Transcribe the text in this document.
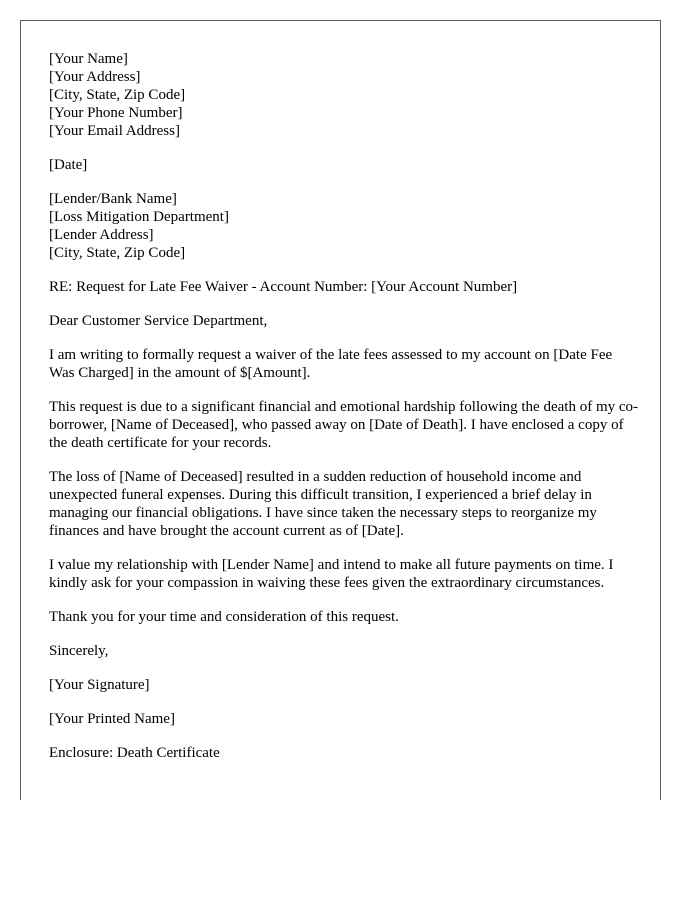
[Your Name]
[Your Address]
[City, State, Zip Code]
[Your Phone Number]
[Your Email Address]
[Date]
[Lender/Bank Name]
[Loss Mitigation Department]
[Lender Address]
[City, State, Zip Code]

RE: Request for Late Fee Waiver - Account Number: [Your Account Number]

Dear Customer Service Department,

I am writing to formally request a waiver of the late fees assessed to my account on [Date Fee Was Charged] in the amount of $[Amount].

This request is due to a significant financial and emotional hardship following the death of my co-borrower, [Name of Deceased], who passed away on [Date of Death]. I have enclosed a copy of the death certificate for your records.

The loss of [Name of Deceased] resulted in a sudden reduction of household income and unexpected funeral expenses. During this difficult transition, I experienced a brief delay in managing our financial obligations. I have since taken the necessary steps to reorganize my finances and have brought the account current as of [Date].

I value my relationship with [Lender Name] and intend to make all future payments on time. I kindly ask for your compassion in waiving these fees given the extraordinary circumstances.

Thank you for your time and consideration of this request.

Sincerely,

[Your Signature]

[Your Printed Name]

Enclosure: Death Certificate
